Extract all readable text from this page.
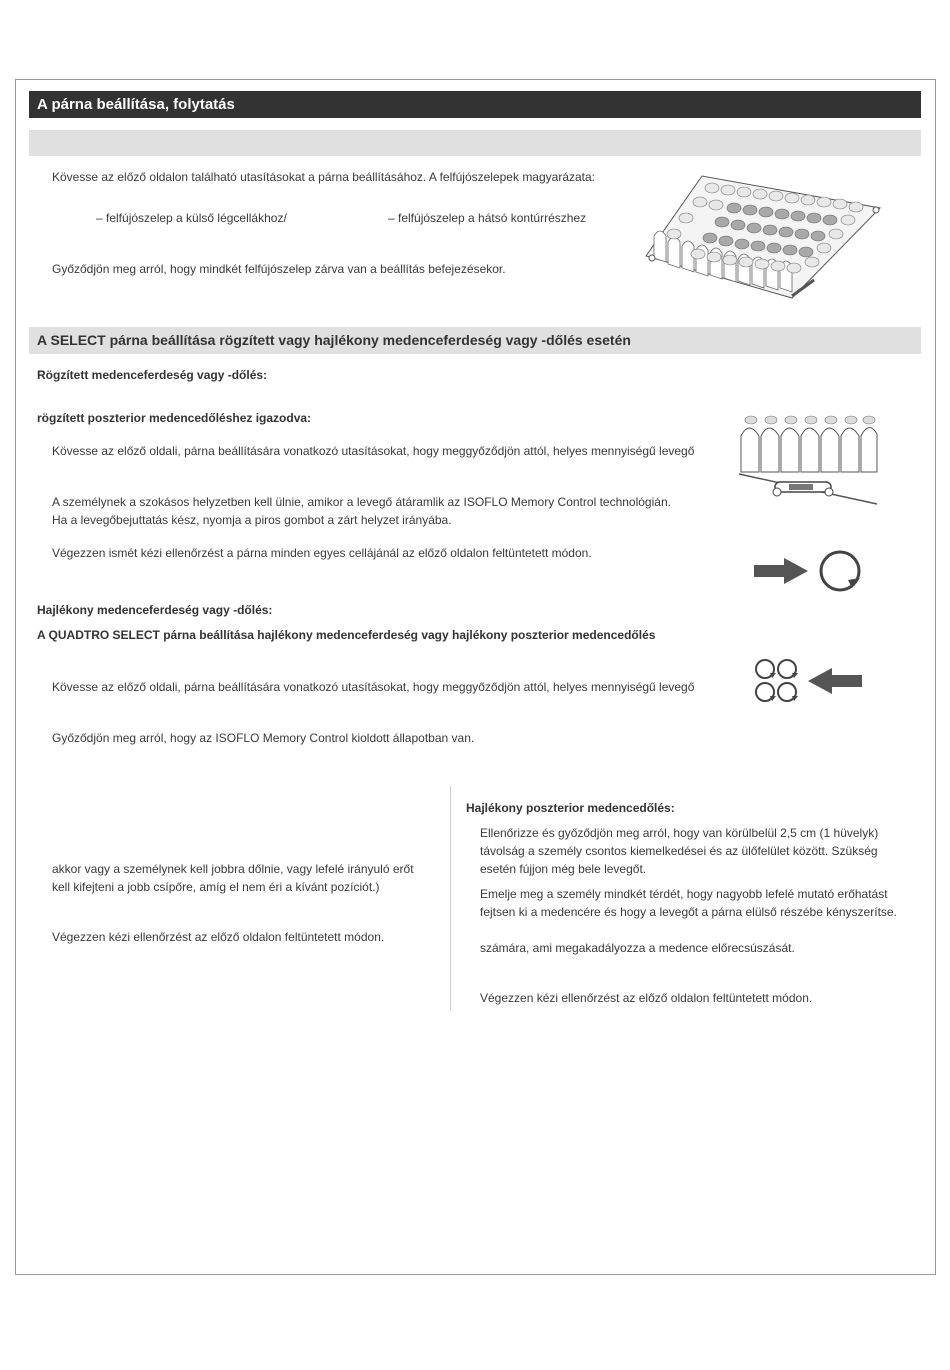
A párna beállítása, folytatás
Kövesse az előző oldalon található utasításokat a párna beállításához. A felfújószelepek magyarázata:
– felfújószelep a külső légcellákhoz/	– felfújószelep a hátsó kontúrrészhez
Győződjön meg arról, hogy mindkét felfújószelep zárva van a beállítás befejezésekor.
A SELECT párna beállítása rögzített vagy hajlékony medenceferdeség vagy -dőlés esetén
Rögzített medenceferdeség vagy -dőlés:
rögzített poszterior medencedőléshez igazodva:
Kövesse az előző oldali, párna beállítására vonatkozó utasításokat, hogy meggyőződjön attól, helyes mennyiségű levegő
A személynek a szokásos helyzetben kell ülnie, amikor a levegő átáramlik az ISOFLO Memory Control technológián.
Ha a levegőbejuttatás kész, nyomja a piros gombot a zárt helyzet irányába.
Végezzen ismét kézi ellenőrzést a párna minden egyes cellájánál az előző oldalon feltüntetett módon.
Hajlékony medenceferdeség vagy -dőlés:
A QUADTRO SELECT párna beállítása hajlékony medenceferdeség vagy hajlékony poszterior medencedőlés
Kövesse az előző oldali, párna beállítására vonatkozó utasításokat, hogy meggyőződjön attól, helyes mennyiségű levegő
Győződjön meg arról, hogy az ISOFLO Memory Control kioldott állapotban van.
akkor vagy a személynek kell jobbra dőlnie, vagy lefelé irányuló erőt
kell kifejteni a jobb csípőre, amíg el nem éri a kívánt pozíciót.)
Végezzen kézi ellenőrzést az előző oldalon feltüntetett módon.
Hajlékony poszterior medencedőlés:
Ellenőrizze és győződjön meg arról, hogy van körülbelül 2,5 cm (1 hüvelyk)
távolság a személy csontos kiemelkedései és az ülőfelület között. Szükség
esetén fújjon még bele levegőt.
Emelje meg a személy mindkét térdét, hogy nagyobb lefelé mutató erőhatást
fejtsen ki a medencére és hogy a levegőt a párna elülső részébe kényszerítse.
számára, ami megakadályozza a medence előrecsúszását.
Végezzen kézi ellenőrzést az előző oldalon feltüntetett módon.
